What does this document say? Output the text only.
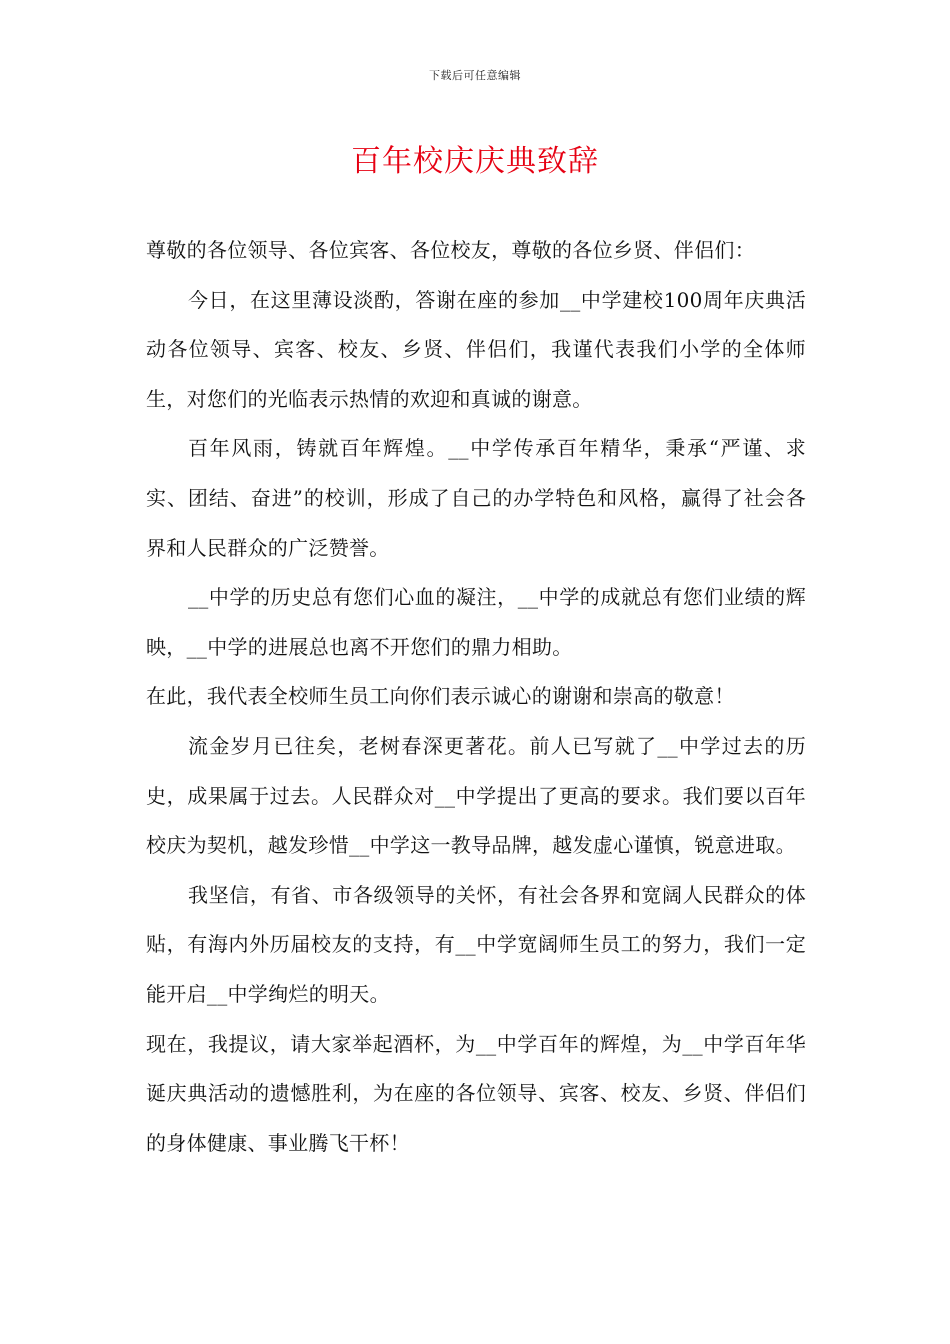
下载后可任意编辑
百年校庆庆典致辞

尊敬的各位领导、各位宾客、各位校友，尊敬的各位乡贤、伴侣们：

今日，在这里薄设淡酌，答谢在座的参加__中学建校100周年庆典活动各位领导、宾客、校友、乡贤、伴侣们，我谨代表我们小学的全体师生，对您们的光临表示热情的欢迎和真诚的谢意。

百年风雨，铸就百年辉煌。__中学传承百年精华，秉承“严谨、求实、团结、奋进”的校训，形成了自己的办学特色和风格，赢得了社会各界和人民群众的广泛赞誉。

__中学的历史总有您们心血的凝注，__中学的成就总有您们业绩的辉映，__中学的进展总也离不开您们的鼎力相助。

在此，我代表全校师生员工向你们表示诚心的谢谢和崇高的敬意！

流金岁月已往矣，老树春深更著花。前人已写就了__中学过去的历史，成果属于过去。人民群众对__中学提出了更高的要求。我们要以百年校庆为契机，越发珍惜__中学这一教导品牌，越发虚心谨慎，锐意进取。

我坚信，有省、市各级领导的关怀，有社会各界和宽阔人民群众的体贴，有海内外历届校友的支持，有__中学宽阔师生员工的努力，我们一定能开启__中学绚烂的明天。

现在，我提议，请大家举起酒杯，为__中学百年的辉煌，为__中学百年华诞庆典活动的遗憾胜利，为在座的各位领导、宾客、校友、乡贤、伴侣们的身体健康、事业腾飞干杯！
